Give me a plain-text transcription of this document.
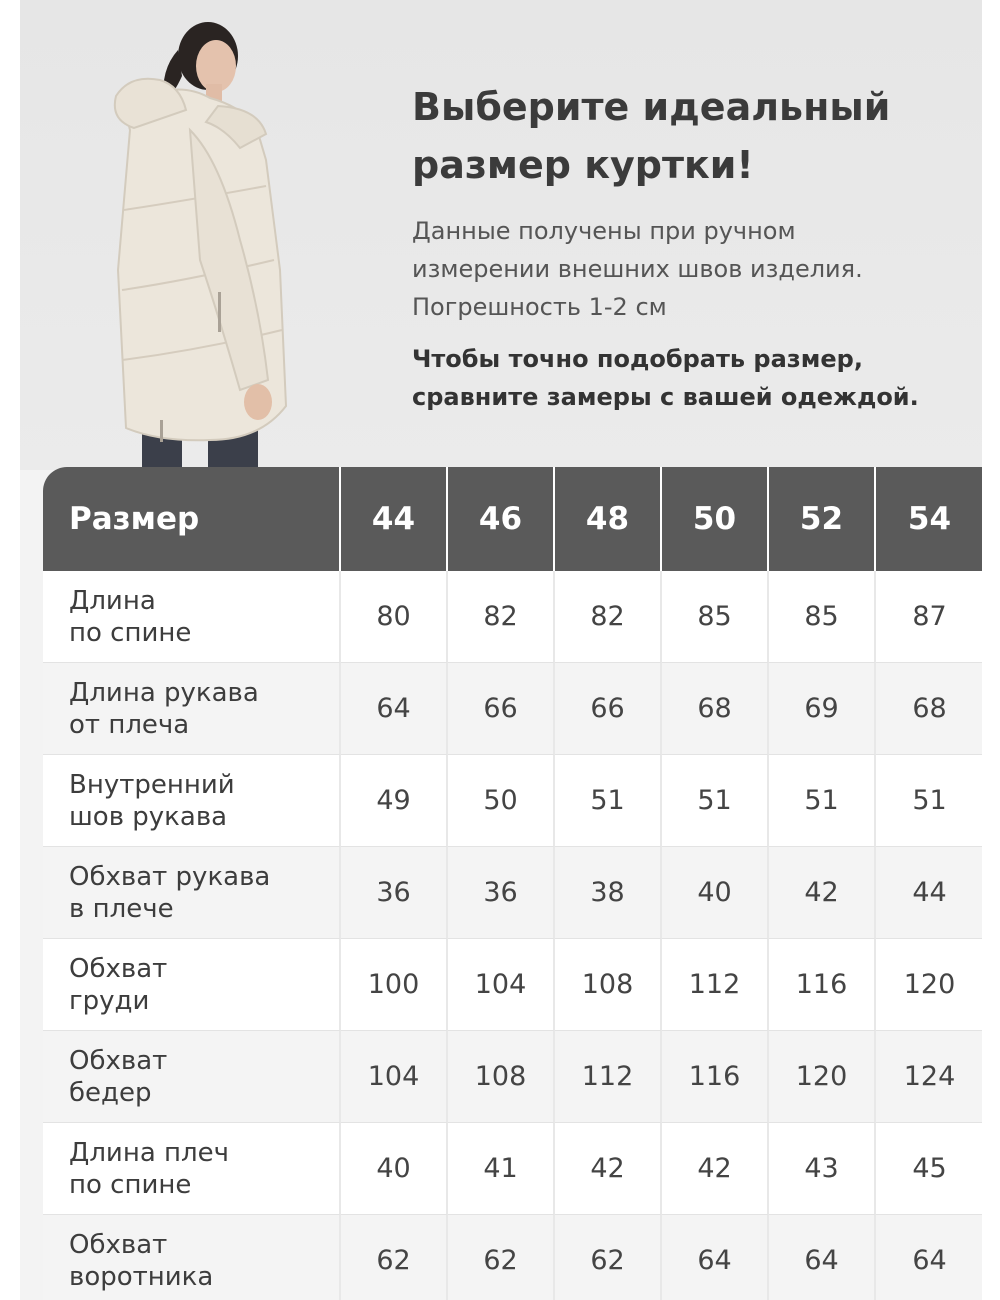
Выберите идеальный
размер куртки!

Данные получены при ручном
измерении внешних швов изделия.
Погрешность 1-2 см

Чтобы точно подобрать размер,
сравните замеры с вашей одеждой.

Размер	44	46	48	50	52	54

Длина
по спине	80	82	82	85	85	87

Длина рукава
от плеча	64	66	66	68	69	68

Внутренний
шов рукава	49	50	51	51	51	51

Обхват рукава
в плече	36	36	38	40	42	44

Обхват
груди	100	104	108	112	116	120

Обхват
бедер	104	108	112	116	120	124

Длина плеч
по спине	40	41	42	42	43	45

Обхват
воротника	62	62	62	64	64	64
